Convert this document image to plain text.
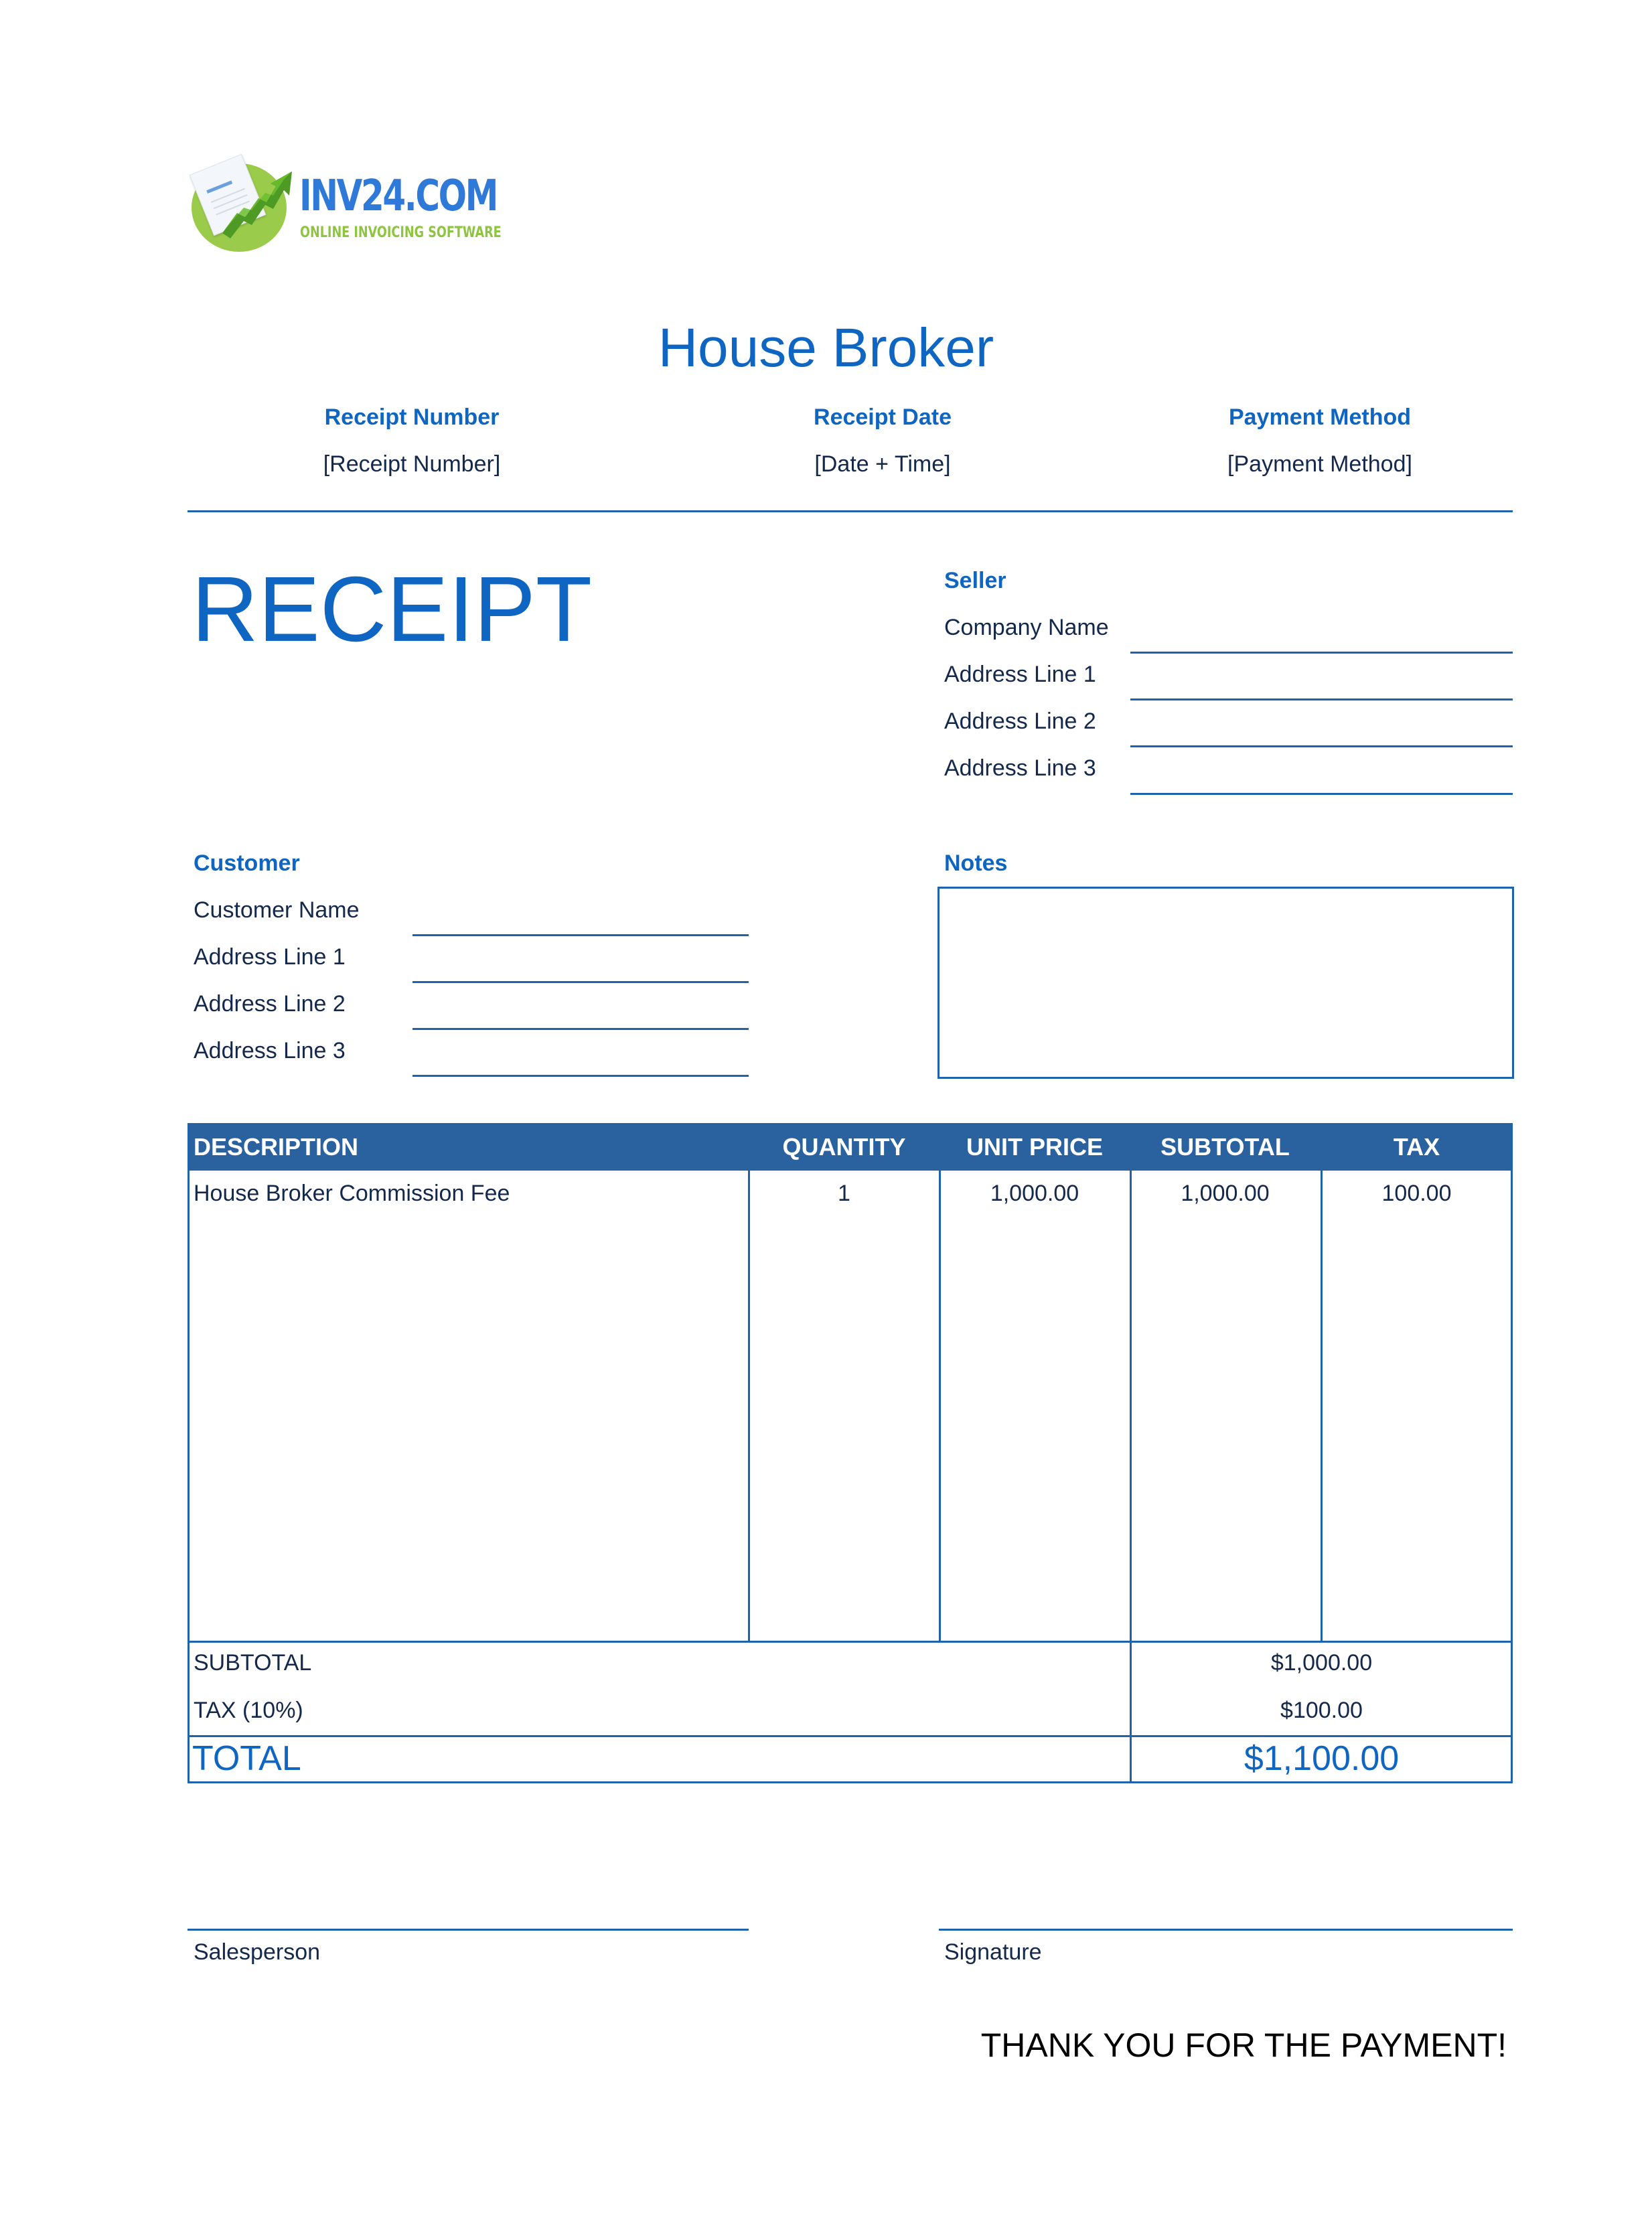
INV24.COM
ONLINE INVOICING SOFTWARE
House Broker
Receipt Number
[Receipt Number]
Receipt Date
[Date + Time]
Payment Method
[Payment Method]
RECEIPT	Seller
Company Name
Address Line 1
Address Line 2
Address Line 3
Customer
Customer Name
Address Line 1
Address Line 2
Address Line 3
Notes
DESCRIPTION	QUANTITY	UNIT PRICE	SUBTOTAL	TAX
House Broker Commission Fee	1	1,000.00	1,000.00	100.00
SUBTOTAL	$1,000.00
TAX (10%)	$100.00
TOTAL	$1,100.00
Salesperson	Signature
THANK YOU FOR THE PAYMENT!
